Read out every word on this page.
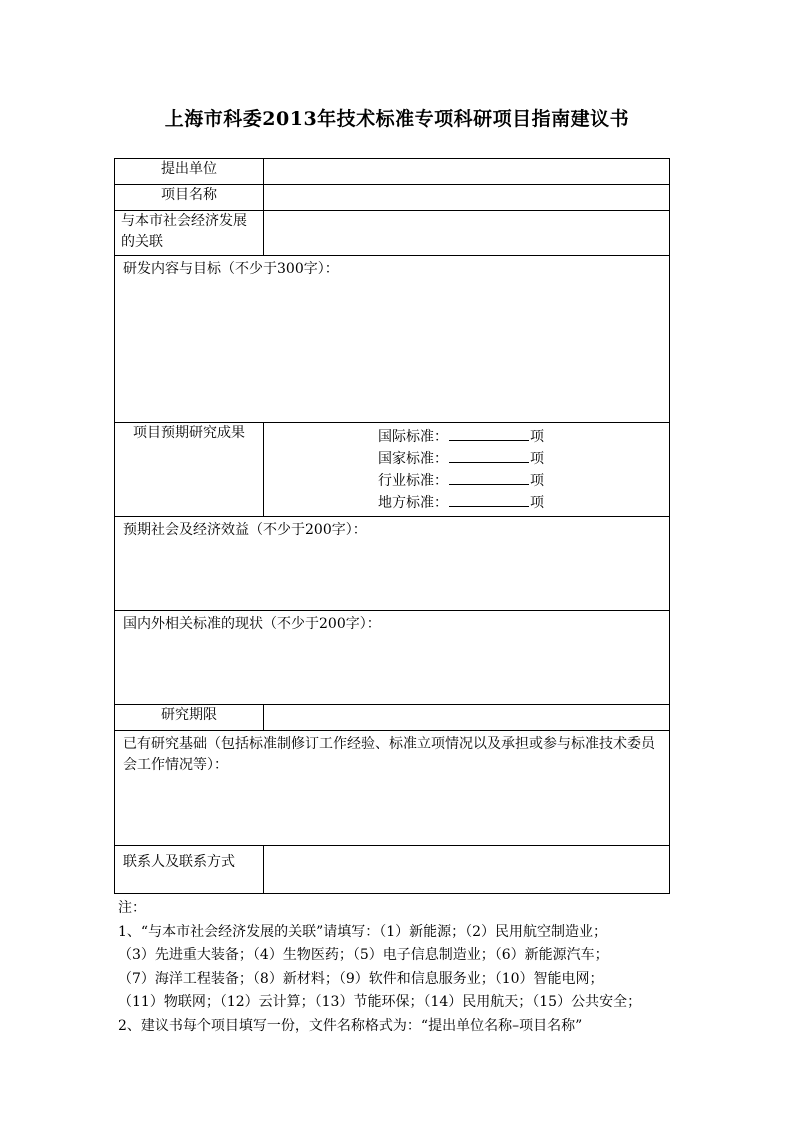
上海市科委2013年技术标准专项科研项目指南建议书
提出单位	
项目名称	
与本市社会经济发展的关联	
研发内容与目标（不少于300字）：	
项目预期研究成果	国际标准： 项
国家标准： 项
行业标准： 项
地方标准： 项

预期社会及经济效益（不少于200字）：	
国内外相关标准的现状（不少于200字）：	
研究期限	
已有研究基础（包括标准制修订工作经验、标准立项情况以及承担或参与标准技术委员会工作情况等）：	
联系人及联系方式	
注：
1、“与本市社会经济发展的关联”请填写：（1）新能源；（2）民用航空制造业；
（3）先进重大装备；（4）生物医药；（5）电子信息制造业；（6）新能源汽车；
（7）海洋工程装备；（8）新材料；（9）软件和信息服务业；（10）智能电网；
（11）物联网；（12）云计算；（13）节能环保；（14）民用航天；（15）公共安全；
2、建议书每个项目填写一份，文件名称格式为：“提出单位名称–项目名称”
